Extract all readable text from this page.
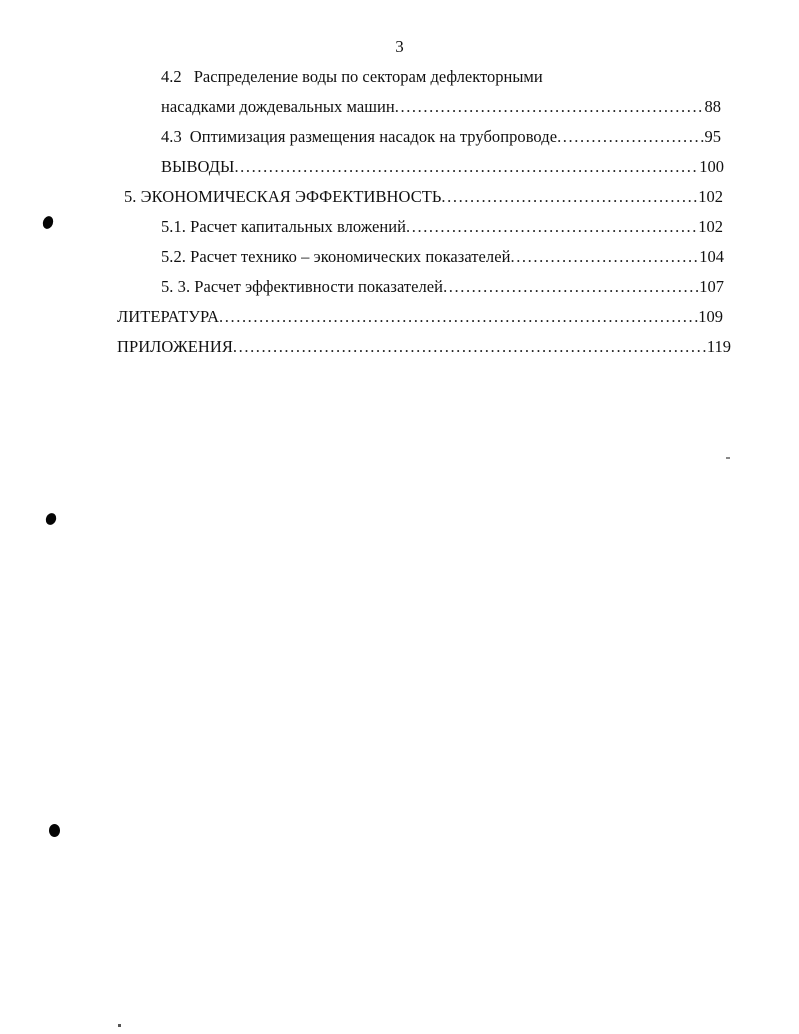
3
4.2 Распределение воды по секторам дефлекторными
насадками дождевальных машин .....	88
4.3 Оптимизация размещения насадок на трубопроводе .....	95
ВЫВОДЫ .....	100
5. ЭКОНОМИЧЕСКАЯ ЭФФЕКТИВНОСТЬ .....	102
5.1. Расчет капитальных вложений .....	102
5.2. Расчет технико – экономических показателей .....	104
5. 3. Расчет эффективности показателей .....	107
ЛИТЕРАТУРА .....	109
ПРИЛОЖЕНИЯ .....	119
